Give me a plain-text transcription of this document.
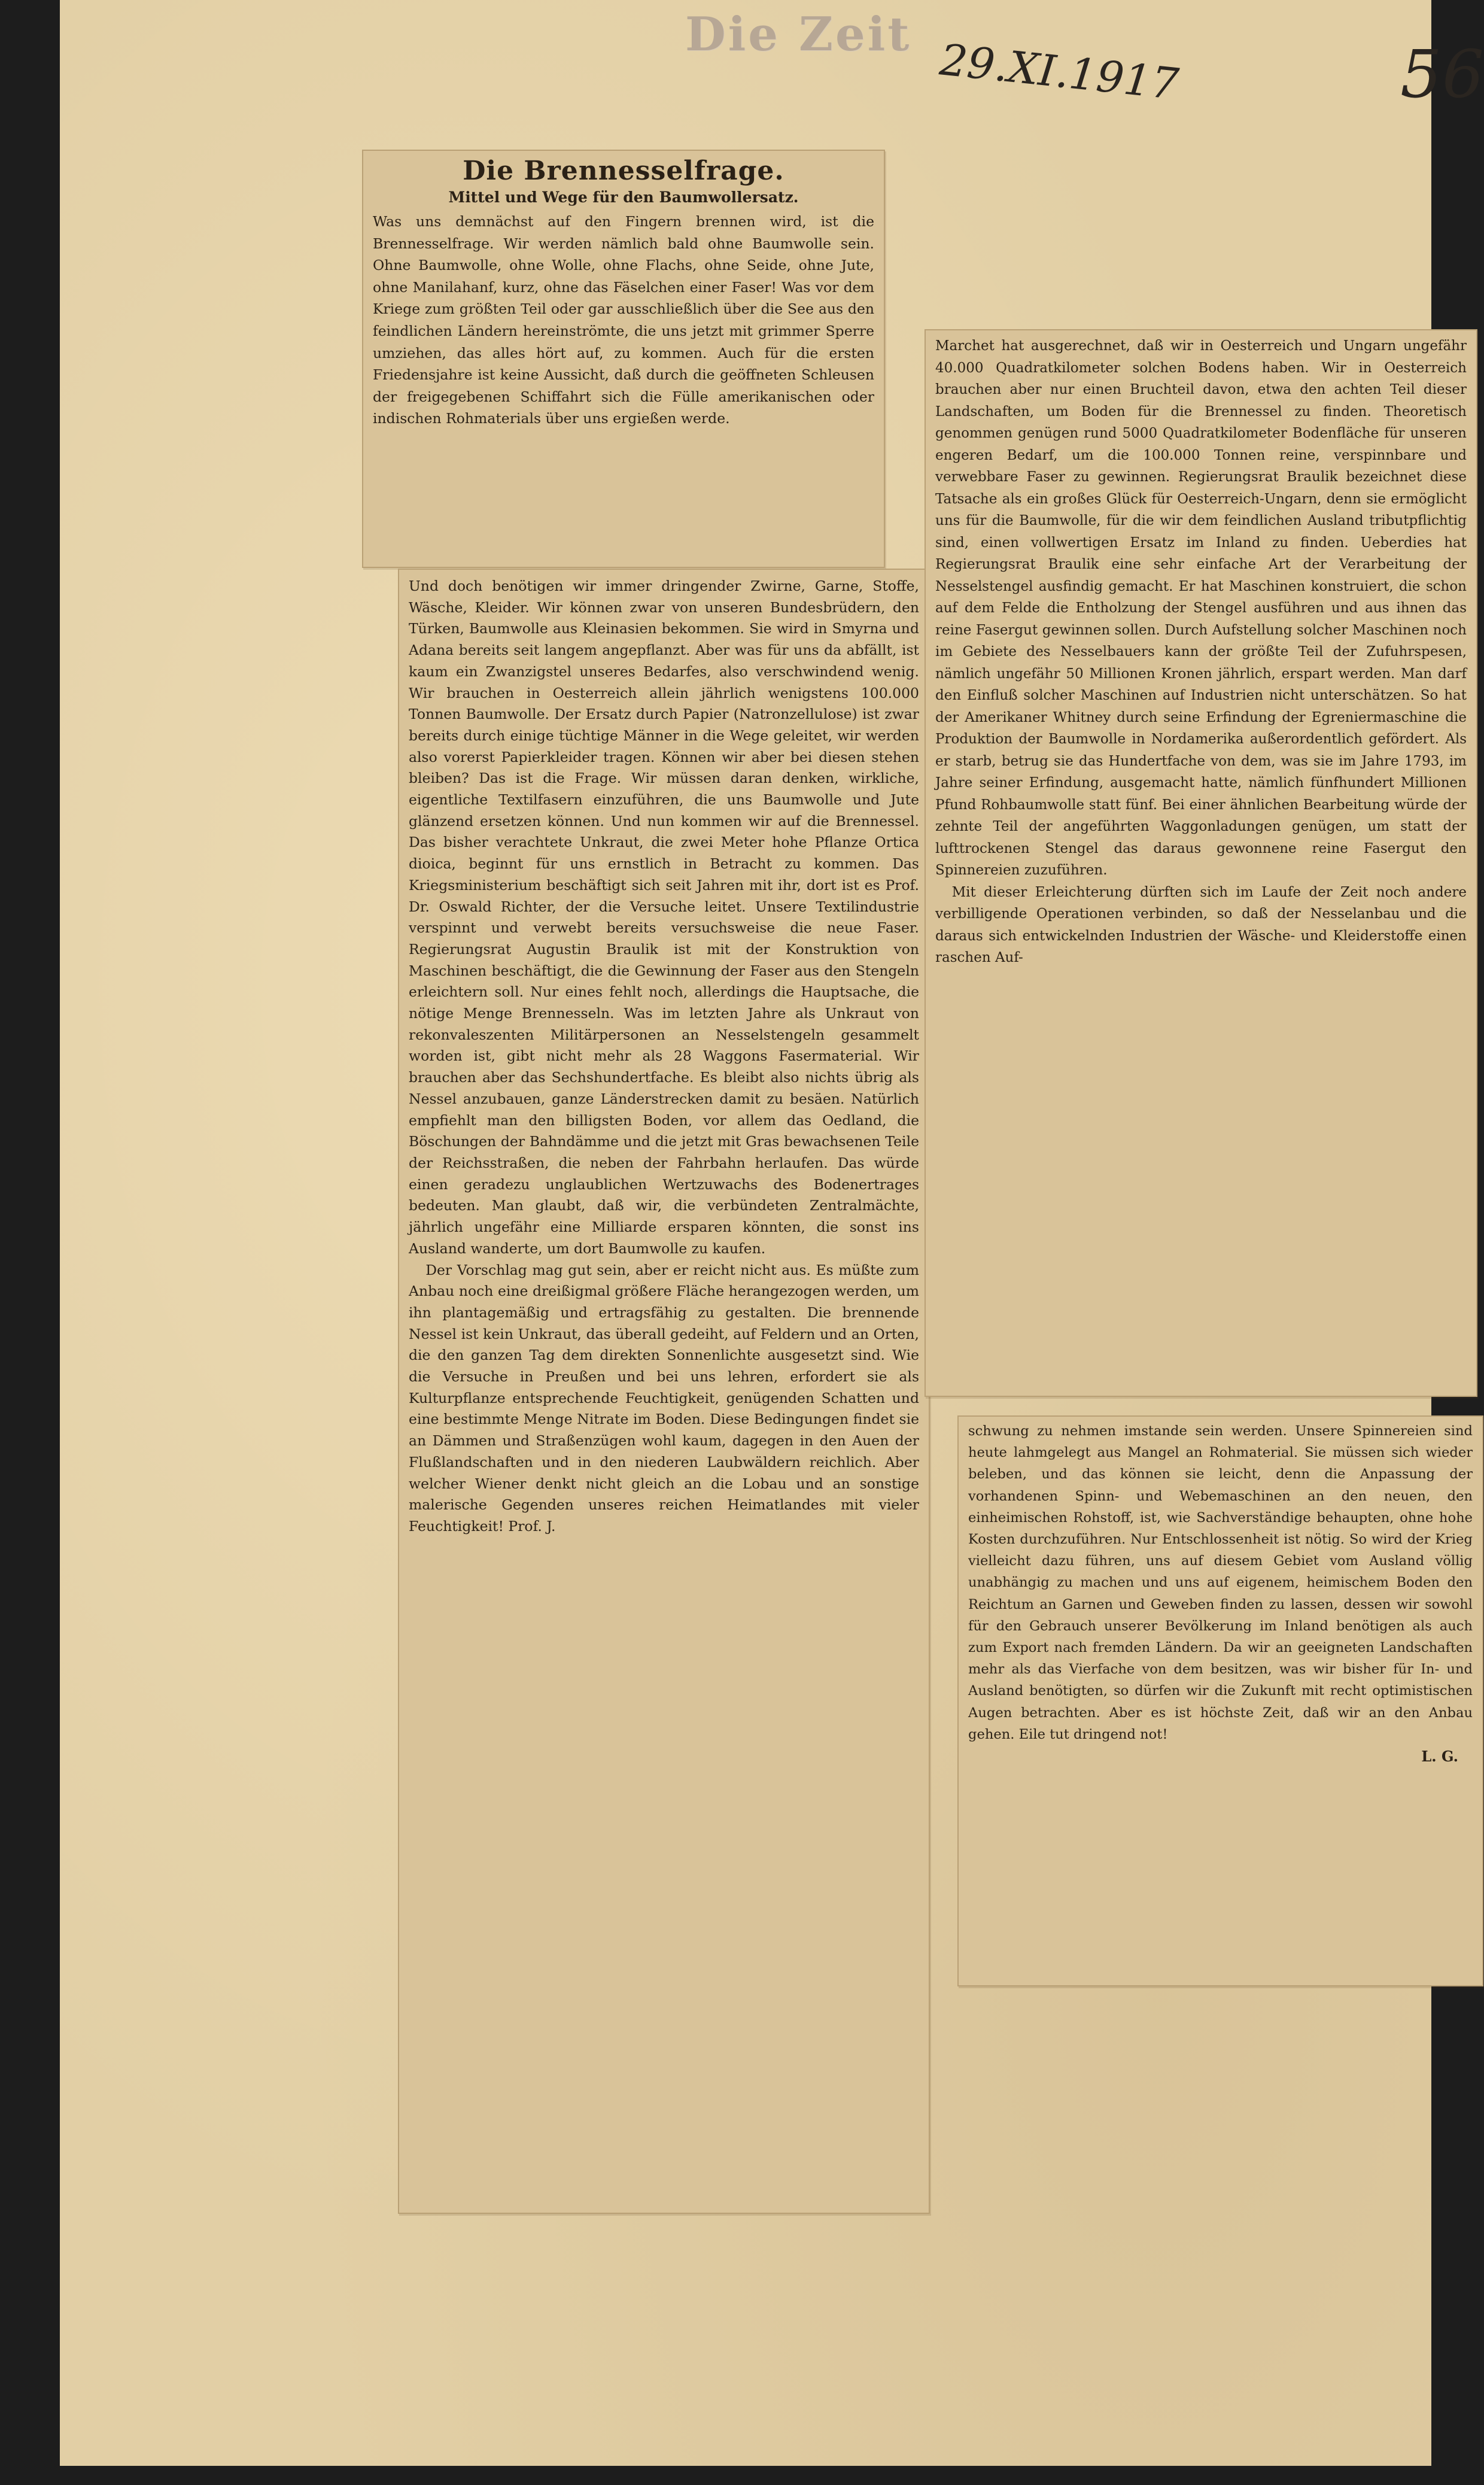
Die Zeit 29.XI.1917	56
Die Brennesselfrage.
Mittel und Wege für den Baumwollersatz.

Was uns demnächst auf den Fingern brennen wird, ist die Brennesselfrage. Wir werden nämlich bald ohne Baumwolle sein. Ohne Baumwolle, ohne Wolle, ohne Flachs, ohne Seide, ohne Jute, ohne Manilahanf, kurz, ohne das Fäselchen einer Faser! Was vor dem Kriege zum größten Teil oder gar ausschließlich über die See aus den feindlichen Ländern hereinströmte, die uns jetzt mit grimmer Sperre umziehen, das alles hört auf, zu kommen. Auch für die ersten Friedensjahre ist keine Aussicht, daß durch die geöffneten Schleusen der freigegebenen Schiffahrt sich die Fülle amerikanischen oder indischen Rohmaterials über uns ergießen werde.

Und doch benötigen wir immer dringender Zwirne, Garne, Stoffe, Wäsche, Kleider. Wir können zwar von unseren Bundesbrüdern, den Türken, Baumwolle aus Kleinasien bekommen. Sie wird in Smyrna und Adana bereits seit langem angepflanzt. Aber was für uns da abfällt, ist kaum ein Zwanzigstel unseres Bedarfes, also verschwindend wenig. Wir brauchen in Oesterreich allein jährlich wenigstens 100.000 Tonnen Baumwolle. Der Ersatz durch Papier (Natronzellulose) ist zwar bereits durch einige tüchtige Männer in die Wege geleitet, wir werden also vorerst Papierkleider tragen. Können wir aber bei diesen stehen bleiben? Das ist die Frage. Wir müssen daran denken, wirkliche, eigentliche Textilfasern einzuführen, die uns Baumwolle und Jute glänzend ersetzen können. Und nun kommen wir auf die Brennessel. Das bisher verachtete Unkraut, die zwei Meter hohe Pflanze Ortica dioica, beginnt für uns ernstlich in Betracht zu kommen. Das Kriegsministerium beschäftigt sich seit Jahren mit ihr, dort ist es Prof. Dr. Oswald Richter, der die Versuche leitet. Unsere Textilindustrie verspinnt und verwebt bereits versuchsweise die neue Faser. Regierungsrat Augustin Braulik ist mit der Konstruktion von Maschinen beschäftigt, die die Gewinnung der Faser aus den Stengeln erleichtern soll. Nur eines fehlt noch, allerdings die Hauptsache, die nötige Menge Brennesseln. Was im letzten Jahre als Unkraut von rekonvaleszenten Militärpersonen an Nesselstengeln gesammelt worden ist, gibt nicht mehr als 28 Waggons Fasermaterial. Wir brauchen aber das Sechshundertfache. Es bleibt also nichts übrig als Nessel anzubauen, ganze Länderstrecken damit zu besäen. Natürlich empfiehlt man den billigsten Boden, vor allem das Oedland, die Böschungen der Bahndämme und die jetzt mit Gras bewachsenen Teile der Reichsstraßen, die neben der Fahrbahn herlaufen. Das würde einen geradezu unglaublichen Wertzuwachs des Bodenertrages bedeuten. Man glaubt, daß wir, die verbündeten Zentralmächte, jährlich ungefähr eine Milliarde ersparen könnten, die sonst ins Ausland wanderte, um dort Baumwolle zu kaufen.
Der Vorschlag mag gut sein, aber er reicht nicht aus. Es müßte zum Anbau noch eine dreißigmal größere Fläche herangezogen werden, um ihn plantagemäßig und ertragsfähig zu gestalten. Die brennende Nessel ist kein Unkraut, das überall gedeiht, auf Feldern und an Orten, die den ganzen Tag dem direkten Sonnenlichte ausgesetzt sind. Wie die Versuche in Preußen und bei uns lehren, erfordert sie als Kulturpflanze entsprechende Feuchtigkeit, genügenden Schatten und eine bestimmte Menge Nitrate im Boden. Diese Bedingungen findet sie an Dämmen und Straßenzügen wohl kaum, dagegen in den Auen der Flußlandschaften und in den niederen Laubwäldern reichlich. Aber welcher Wiener denkt nicht gleich an die Lobau und an sonstige malerische Gegenden unseres reichen Heimatlandes mit vieler Feuchtigkeit! Prof. J.

Marchet hat ausgerechnet, daß wir in Oesterreich und Ungarn ungefähr 40.000 Quadratkilometer solchen Bodens haben. Wir in Oesterreich brauchen aber nur einen Bruchteil davon, etwa den achten Teil dieser Landschaften, um Boden für die Brennessel zu finden. Theoretisch genommen genügen rund 5000 Quadratkilometer Bodenfläche für unseren engeren Bedarf, um die 100.000 Tonnen reine, verspinnbare und verwebbare Faser zu gewinnen. Regierungsrat Braulik bezeichnet diese Tatsache als ein großes Glück für Oesterreich-Ungarn, denn sie ermöglicht uns für die Baumwolle, für die wir dem feindlichen Ausland tributpflichtig sind, einen vollwertigen Ersatz im Inland zu finden. Ueberdies hat Regierungsrat Braulik eine sehr einfache Art der Verarbeitung der Nesselstengel ausfindig gemacht. Er hat Maschinen konstruiert, die schon auf dem Felde die Entholzung der Stengel ausführen und aus ihnen das reine Fasergut gewinnen sollen. Durch Aufstellung solcher Maschinen noch im Gebiete des Nesselbauers kann der größte Teil der Zufuhrspesen, nämlich ungefähr 50 Millionen Kronen jährlich, erspart werden. Man darf den Einfluß solcher Maschinen auf Industrien nicht unterschätzen. So hat der Amerikaner Whitney durch seine Erfindung der Egreniermaschine die Produktion der Baumwolle in Nordamerika außerordentlich gefördert. Als er starb, betrug sie das Hundertfache von dem, was sie im Jahre 1793, im Jahre seiner Erfindung, ausgemacht hatte, nämlich fünfhundert Millionen Pfund Rohbaumwolle statt fünf. Bei einer ähnlichen Bearbeitung würde der zehnte Teil der angeführten Waggonladungen genügen, um statt der lufttrockenen Stengel das daraus gewonnene reine Fasergut den Spinnereien zuzuführen.
Mit dieser Erleichterung dürften sich im Laufe der Zeit noch andere verbilligende Operationen verbinden, so daß der Nesselanbau und die daraus sich entwickelnden Industrien der Wäsche- und Kleiderstoffe einen raschen Auf-

schwung zu nehmen imstande sein werden. Unsere Spinnereien sind heute lahmgelegt aus Mangel an Rohmaterial. Sie müssen sich wieder beleben, und das können sie leicht, denn die Anpassung der vorhandenen Spinn- und Webemaschinen an den neuen, den einheimischen Rohstoff, ist, wie Sachverständige behaupten, ohne hohe Kosten durchzuführen. Nur Entschlossenheit ist nötig. So wird der Krieg vielleicht dazu führen, uns auf diesem Gebiet vom Ausland völlig unabhängig zu machen und uns auf eigenem, heimischem Boden den Reichtum an Garnen und Geweben finden zu lassen, dessen wir sowohl für den Gebrauch unserer Bevölkerung im Inland benötigen als auch zum Export nach fremden Ländern. Da wir an geeigneten Landschaften mehr als das Vierfache von dem besitzen, was wir bisher für In- und Ausland benötigten, so dürfen wir die Zukunft mit recht optimistischen Augen betrachten. Aber es ist höchste Zeit, daß wir an den Anbau gehen. Eile tut dringend not!

L. G.
